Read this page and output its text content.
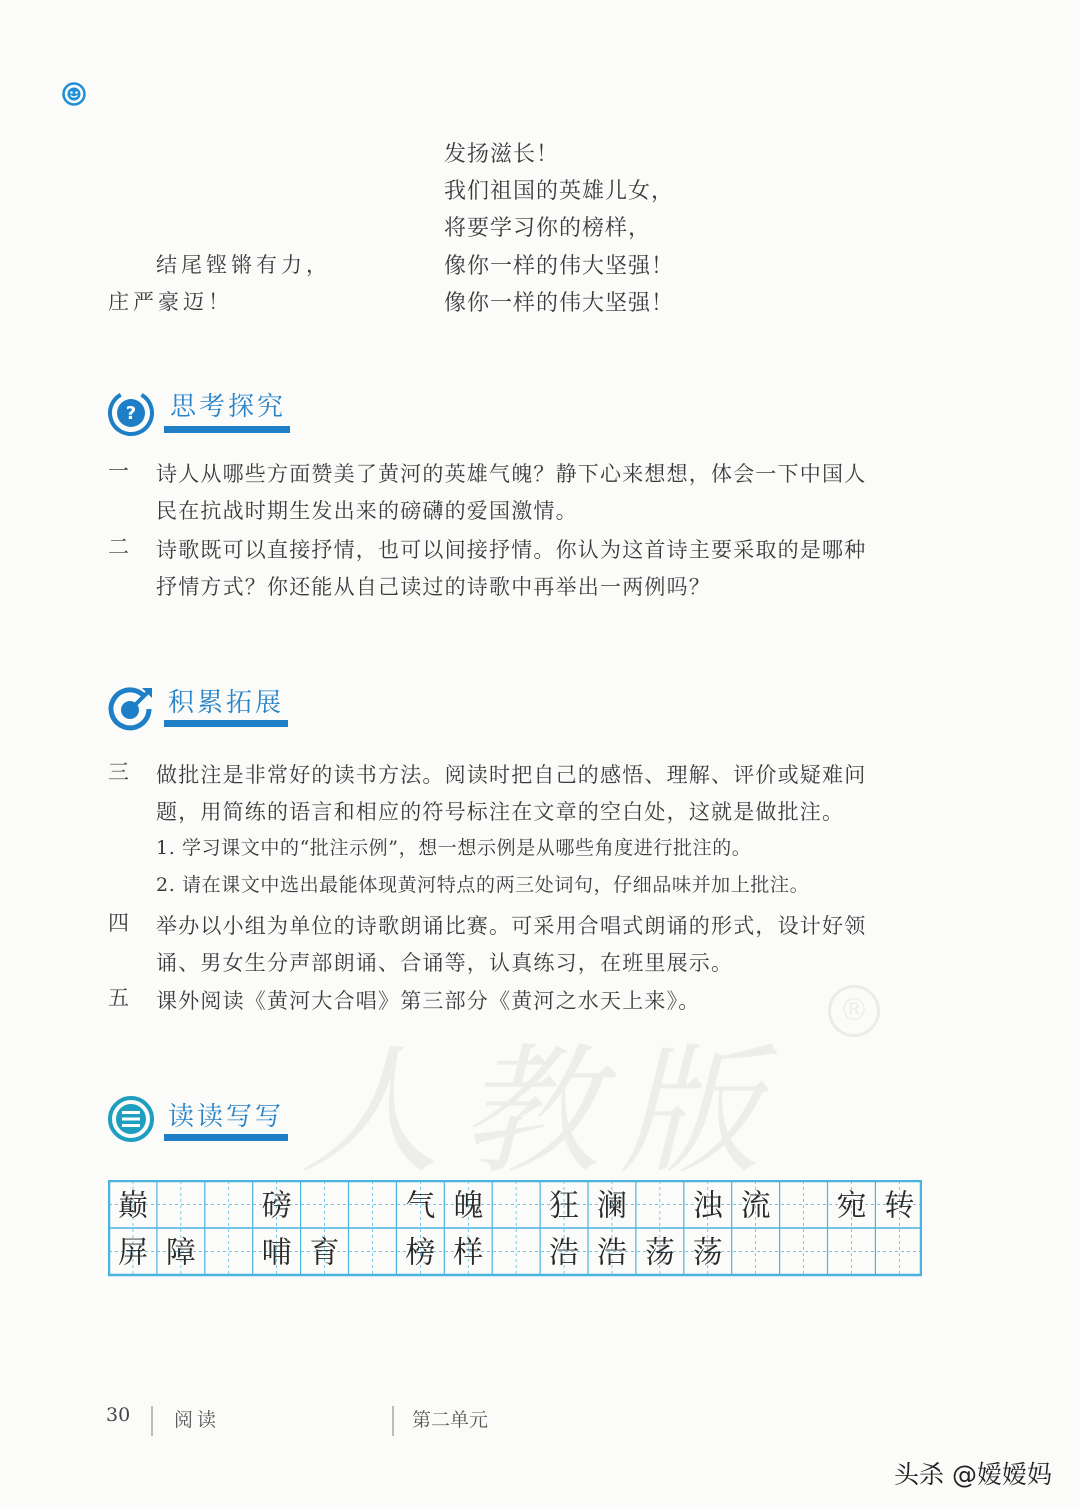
发扬滋长！
我们祖国的英雄儿女，
将要学习你的榜样，
像你一样的伟大坚强！
像你一样的伟大坚强！
结尾铿锵有力，
庄严豪迈！
? 思考探究
一	诗人从哪些方面赞美了黄河的英雄气魄？静下心来想想，体会一下中国人
民在抗战时期生发出来的磅礴的爱国激情。
二	诗歌既可以直接抒情，也可以间接抒情。你认为这首诗主要采取的是哪种
抒情方式？你还能从自己读过的诗歌中再举出一两例吗？
积累拓展
三	做批注是非常好的读书方法。阅读时把自己的感悟、理解、评价或疑难问
题，用简练的语言和相应的符号标注在文章的空白处，这就是做批注。
1. 学习课文中的“批注示例”，想一想示例是从哪些角度进行批注的。
2. 请在课文中选出最能体现黄河特点的两三处词句，仔细品味并加上批注。
四	举办以小组为单位的诗歌朗诵比赛。可采用合唱式朗诵的形式，设计好领
诵、男女生分声部朗诵、合诵等，认真练习，在班里展示。
五	课外阅读《黄河大合唱》第三部分《黄河之水天上来》。
人教版
®
读读写写
巅	磅	气 魄 狂 澜 浊 流 宛 转
屏 障 哺 育 榜 样 浩 浩 荡 荡
30 阅读	第二单元
头杀 @嫒嫒妈
